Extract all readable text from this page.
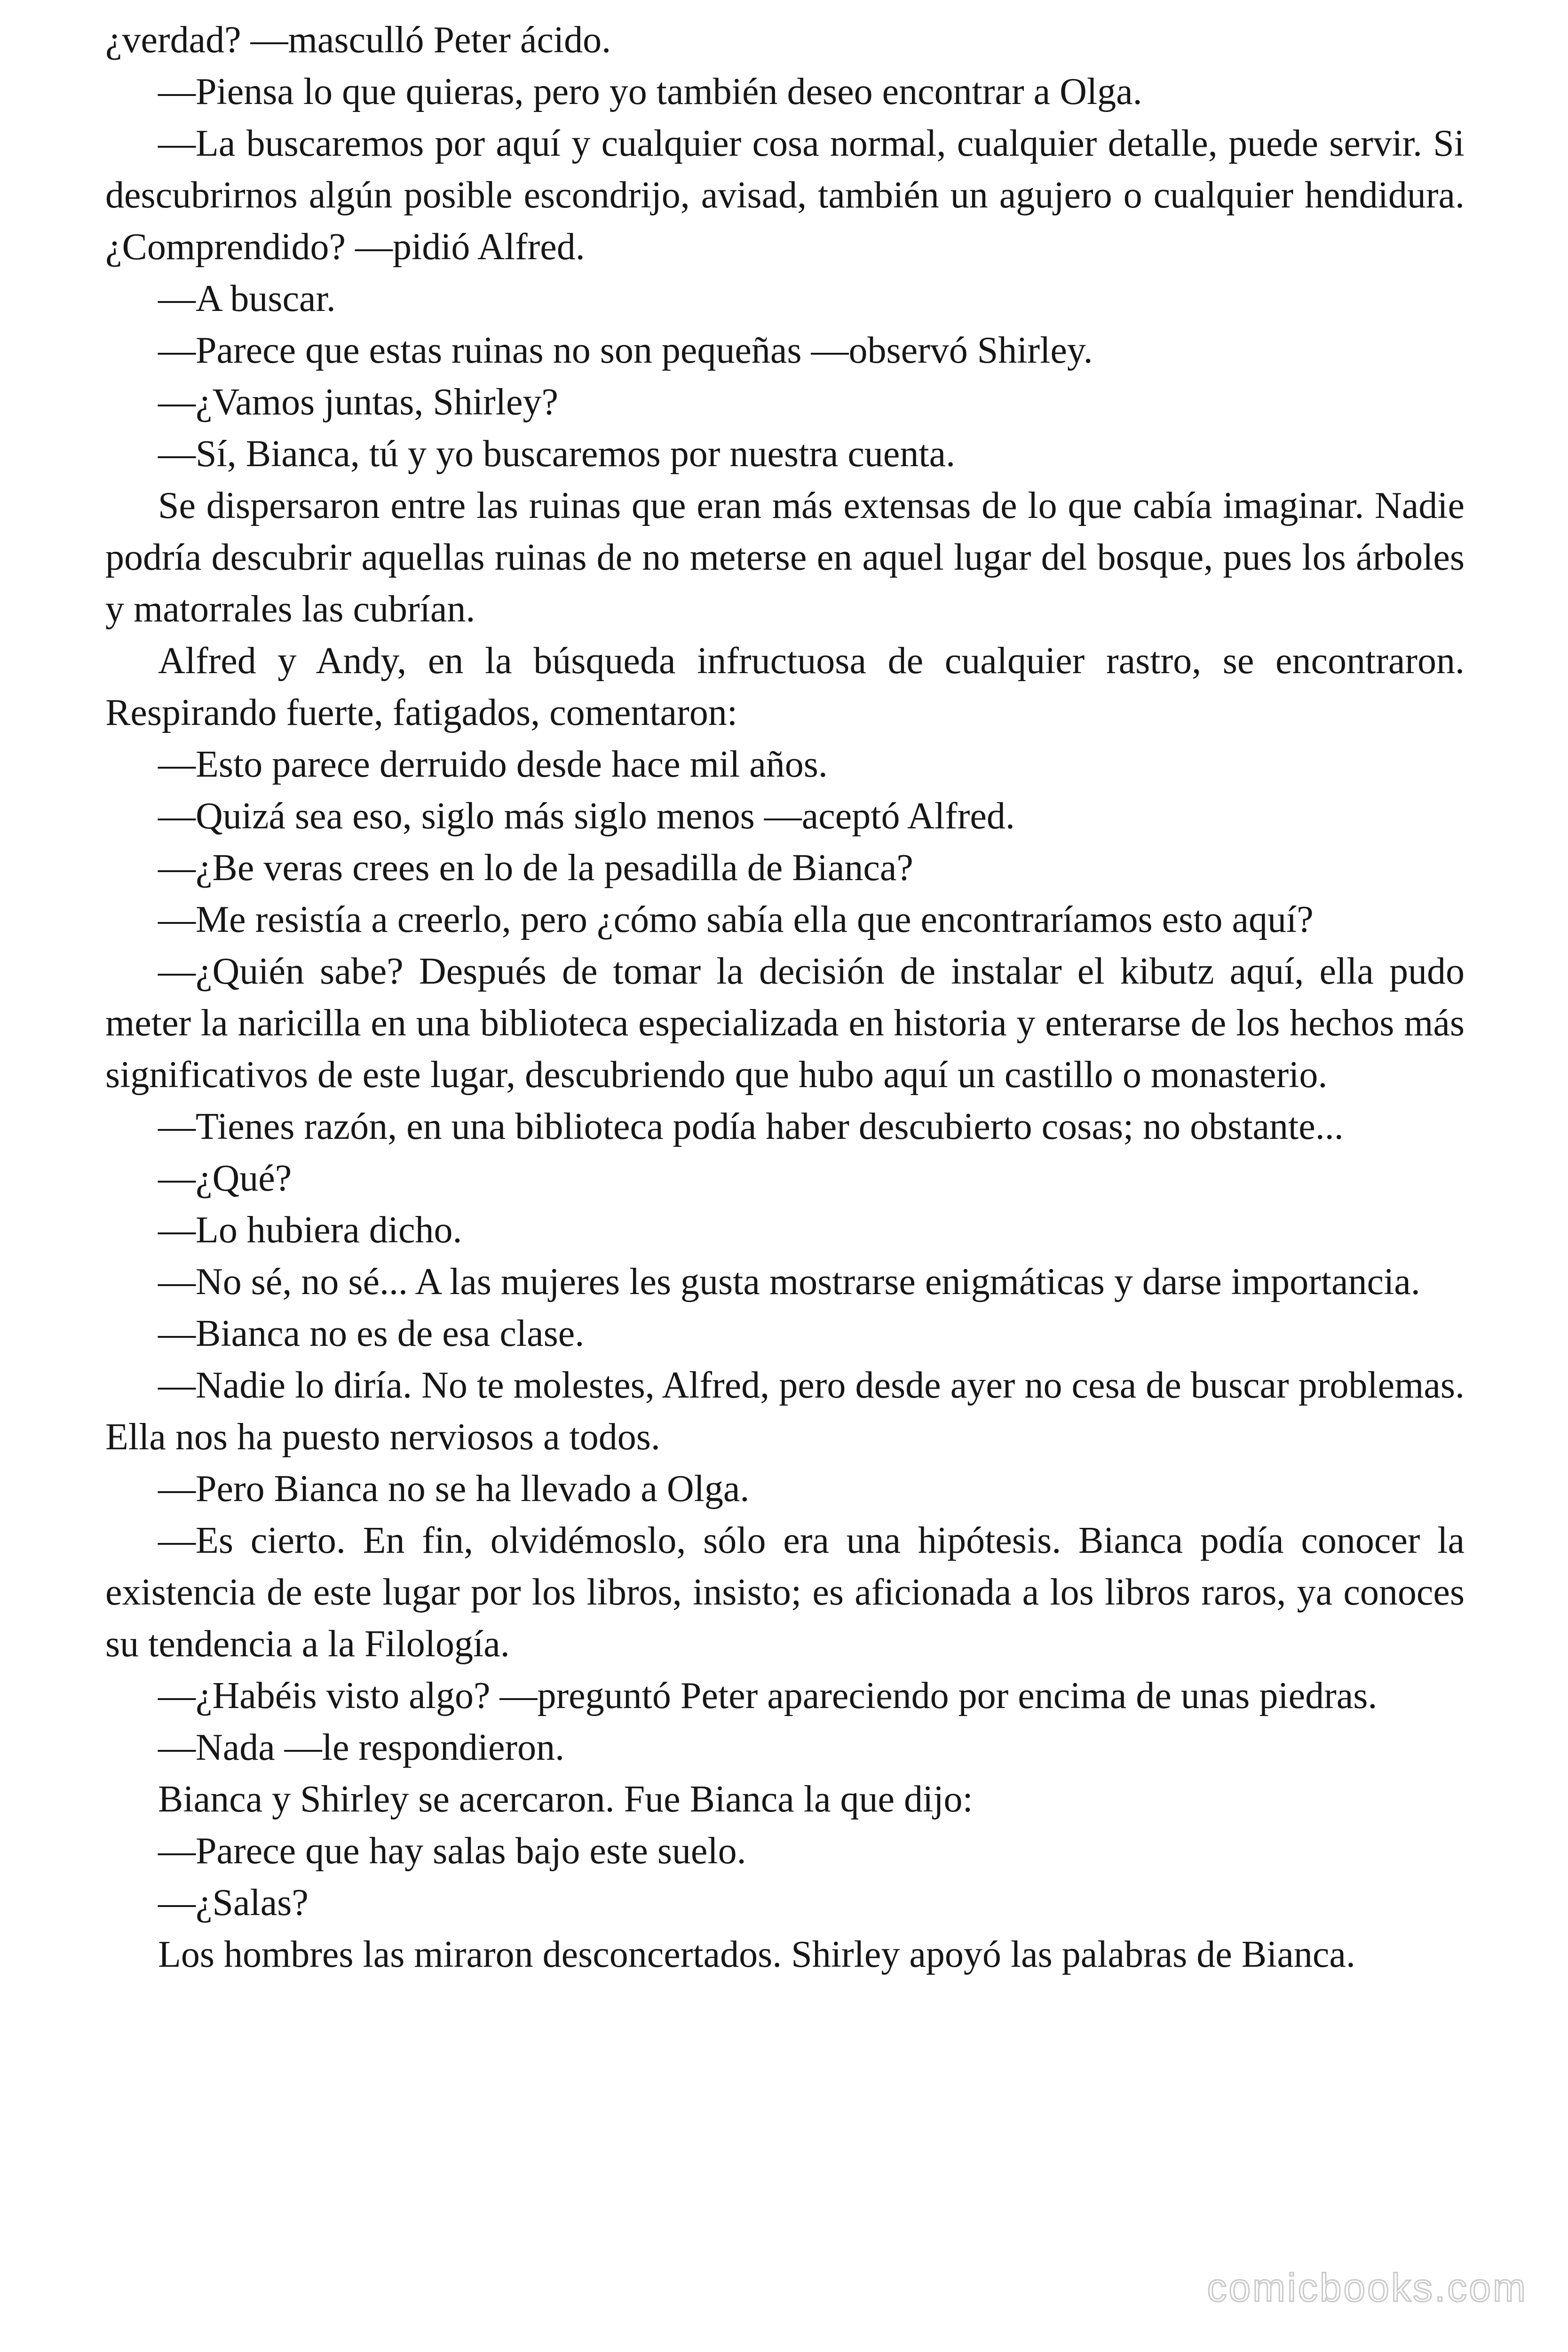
¿verdad? —masculló Peter ácido.

—Piensa lo que quieras, pero yo también deseo encontrar a Olga.

—La buscaremos por aquí y cualquier cosa normal, cualquier detalle, puede servir. Si descubrirnos algún posible escondrijo, avisad, también un agujero o cualquier hendidura. ¿Comprendido? —pidió Alfred.

—A buscar.

—Parece que estas ruinas no son pequeñas —observó Shirley.

—¿Vamos juntas, Shirley?

—Sí, Bianca, tú y yo buscaremos por nuestra cuenta.

Se dispersaron entre las ruinas que eran más extensas de lo que cabía imaginar. Nadie podría descubrir aquellas ruinas de no meterse en aquel lugar del bosque, pues los árboles y matorrales las cubrían.

Alfred y Andy, en la búsqueda infructuosa de cualquier rastro, se encontraron. Respirando fuerte, fatigados, comentaron:

—Esto parece derruido desde hace mil años.

—Quizá sea eso, siglo más siglo menos —aceptó Alfred.

—¿Be veras crees en lo de la pesadilla de Bianca?

—Me resistía a creerlo, pero ¿cómo sabía ella que encontraríamos esto aquí?

—¿Quién sabe? Después de tomar la decisión de instalar el kibutz aquí, ella pudo meter la naricilla en una biblioteca especializada en historia y enterarse de los hechos más significativos de este lugar, descubriendo que hubo aquí un castillo o monasterio.

—Tienes razón, en una biblioteca podía haber descubierto cosas; no obstante...

—¿Qué?

—Lo hubiera dicho.

—No sé, no sé... A las mujeres les gusta mostrarse enigmáticas y darse importancia.

—Bianca no es de esa clase.

—Nadie lo diría. No te molestes, Alfred, pero desde ayer no cesa de buscar problemas. Ella nos ha puesto nerviosos a todos.

—Pero Bianca no se ha llevado a Olga.

—Es cierto. En fin, olvidémoslo, sólo era una hipótesis. Bianca podía conocer la existencia de este lugar por los libros, insisto; es aficionada a los libros raros, ya conoces su tendencia a la Filología.

—¿Habéis visto algo? —preguntó Peter apareciendo por encima de unas piedras.

—Nada —le respondieron.

Bianca y Shirley se acercaron. Fue Bianca la que dijo:

—Parece que hay salas bajo este suelo.

—¿Salas?

Los hombres las miraron desconcertados. Shirley apoyó las palabras de Bianca.

comicbooks.com
